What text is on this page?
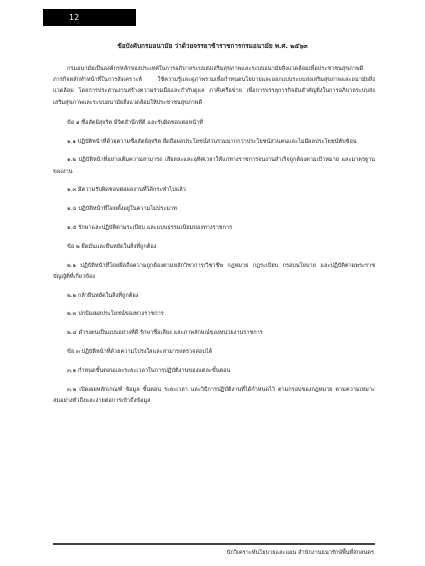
12
ข้อบังคับกรมอนามัย ว่าด้วยจรรยาข้าราชการกรมอนามัย พ.ศ. ๒๕๖๓

กรมอนามัยเป็นองค์กรหลักของประเทศในการอภิบาลระบบส่งเสริมสุขภาพและระบบอนามัยสิ่งแวดล้อมเพื่อประชาชนสุขภาพดี ภารกิจหลักทำหน้าที่ในการสังเคราะห์ ใช้ความรู้และดูภาพรวมเพื่อกำหนดนโยบายและออกแบบระบบส่งเสริมสุขภาพและอนามัยสิ่งแวดล้อม โดยการประสานงานสร้างความร่วมมือและกำกับดูแล ภาคีเครือข่าย เพื่อการบรรลุการกิจอันสำคัญยิ่งในการอภิบาลระบบส่งเสริมสุขภาพและระบบอนามัยสิ่งแวดล้อมให้ประชาชนสุขภาพดี

ข้อ ๑ ซื่อสัตย์สุจริต มีจิตสำนึกที่ดี และรับผิดชอบต่อหน้าที่

๑.๑ ปฏิบัติหน้าที่ด้วยความซื่อสัตย์สุจริต ยึดถือผลประโยชน์ส่วนรวมมากกว่าประโยชน์ส่วนตนและไม่มีผลประโยชน์ทับซ้อน

๑.๒ ปฏิบัติหน้าที่อย่างเต็มความสามารถ เสียสละและอุทิศเวลาให้แก่ทางราชการจนงานสำเร็จถูกต้องตามเป้าหมาย และมาตรฐานของงาน

๑.๓ มีความรับผิดชอบต่อผลงานที่ได้กระทำไปแล้ว

๑.๔ ปฏิบัติหน้าที่โดยตั้งอยู่ในความไม่ประมาท

๑.๕ รักษาและปฏิบัติตามระเบียบ และแบบธรรมเนียมของทางราชการ

ข้อ ๒ ยึดมั่นและยืนหยัดในสิ่งที่ถูกต้อง

๒.๑ ปฏิบัติหน้าที่โดยยึดถือความถูกต้องตามหลักวิชาการ/วิชาชีพ กฎหมาย กฎระเบียบ กรอบนโยบาย และปฏิบัติตามพระราชบัญญัติที่เกี่ยวข้อง

๒.๒ กล้ายืนหยัดในสิ่งที่ถูกต้อง

๒.๓ ปกป้องผลประโยชน์ของทางราชการ

๒.๔ ดำรงตนเป็นแบบอย่างที่ดี รักษาชื่อเสียง และภาพลักษณ์ของหน่วยงานราชการ

ข้อ ๓ ปฏิบัติหน้าที่ด้วยความโปร่งใสและสามารถตรวจสอบได้

๓.๑ กำหนดขั้นตอนและระยะเวลาในการปฏิบัติงานของแต่ละขั้นตอน

๓.๒ เปิดเผยหลักเกณฑ์ ข้อมูล ขั้นตอน ระยะเวลา และวิธีการปฏิบัติงานที่ได้กำหนดไว้ ตามกรอบของกฎหมาย ตามความเหมาะสมอย่างทั่วถึงและง่ายต่อการเข้าถึงข้อมูล

นักวิเคราะห์นโยบายและแผน สำนักงานธนารักษ์พื้นที่สกลนคร
